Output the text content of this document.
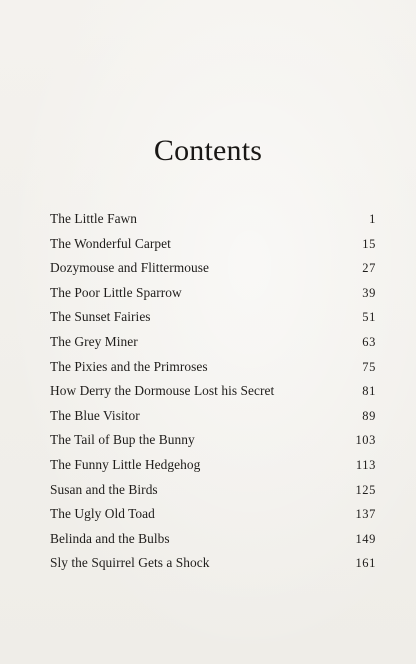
Contents
The Little Fawn	1
The Wonderful Carpet	15
Dozymouse and Flittermouse	27
The Poor Little Sparrow	39
The Sunset Fairies	51
The Grey Miner	63
The Pixies and the Primroses	75
How Derry the Dormouse Lost his Secret	81
The Blue Visitor	89
The Tail of Bup the Bunny	103
The Funny Little Hedgehog	113
Susan and the Birds	125
The Ugly Old Toad	137
Belinda and the Bulbs	149
Sly the Squirrel Gets a Shock	161
